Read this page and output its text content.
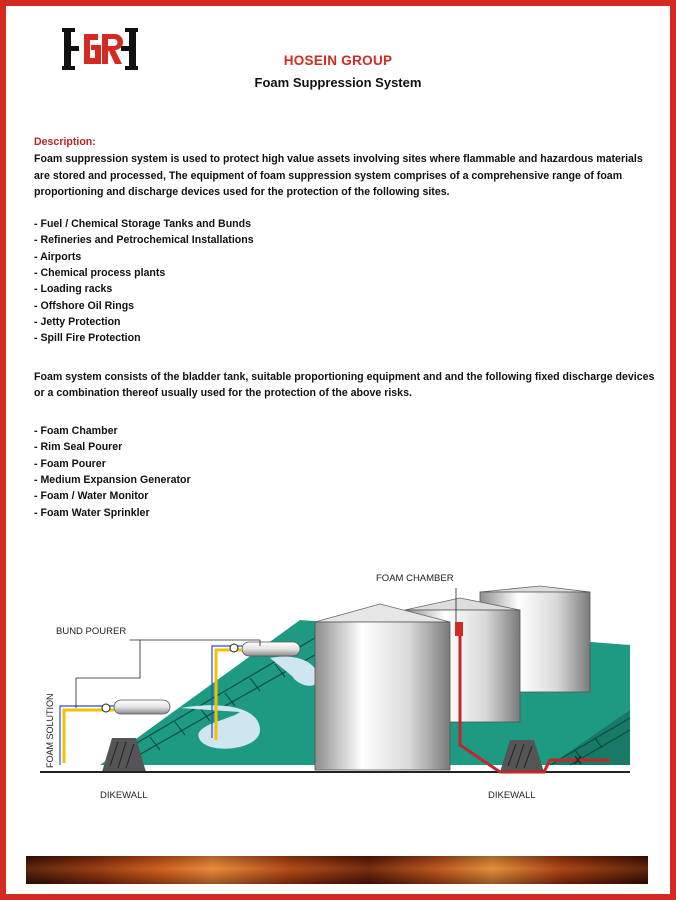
HOSEIN GROUP
Foam Suppression System
Description:

Foam suppression system is used to protect high value assets involving sites where flammable and hazardous materials are stored and processed, The equipment of foam suppression system comprises of a comprehensive range of foam proportioning and discharge devices used for the protection of the following sites.

- Fuel / Chemical Storage Tanks and Bunds
- Refineries and Petrochemical Installations
- Airports
- Chemical process plants
- Loading racks
- Offshore Oil Rings
- Jetty Protection
- Spill Fire Protection

Foam system consists of the bladder tank, suitable proportioning equipment and and the following fixed discharge devices or a combination thereof usually used for the protection of the above risks.

- Foam Chamber
- Rim Seal Pourer
- Foam Pourer
- Medium Expansion Generator
- Foam / Water Monitor
- Foam Water Sprinkler
FOAM CHAMBER
BUND POURER
FOAM SOLUTION
DIKEWALL	DIKEWALL
